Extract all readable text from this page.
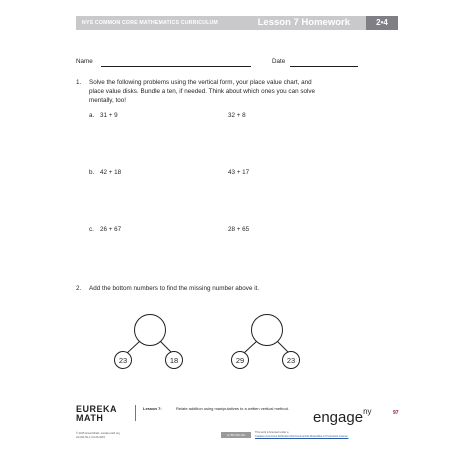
NYS COMMON CORE MATHEMATICS CURRICULUM	Lesson 7 Homework	2•4
Name	Date
1. Solve the following problems using the vertical form, your place value chart, and
place value disks. Bundle a ten, if needed. Think about which ones you can solve
mentally, too!
a. 31 + 9	32 + 8
b. 42 + 18	43 + 17
c. 26 + 67	28 + 65
2. Add the bottom numbers to find the missing number above it.
23	18	29	23
EUREKA
MATH
Lesson 7:	Relate addition using manipulatives to a written vertical method.
engage$^{ny}$	97
© 2015 Great Minds. eureka-math.org
G2-M4-TE-1.3.0-06.2015
cc BY-NC-SA
This work is licensed under a
Creative Commons Attribution-NonCommercial-ShareAlike 3.0 Unported License.
